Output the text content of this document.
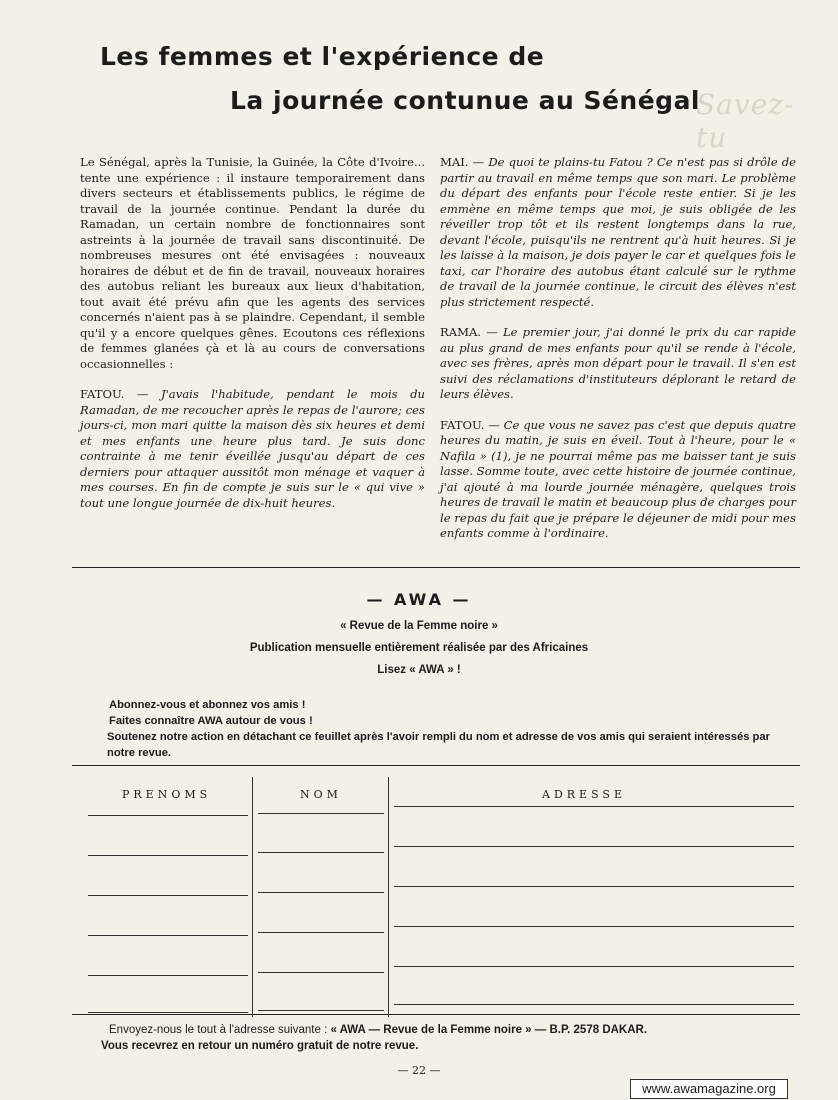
Savez-tu
Les femmes et l'expérience de
La journée contunue au Sénégal

Le Sénégal, après la Tunisie, la Guinée, la Côte d'Ivoire... tente une expérience : il instaure temporairement dans divers secteurs et établissements publics, le régime de travail de la journée continue. Pendant la durée du Ramadan, un certain nombre de fonctionnaires sont astreints à la journée de travail sans discontinuité. De nombreuses mesures ont été envisagées : nouveaux horaires de début et de fin de travail, nouveaux horaires des autobus reliant les bureaux aux lieux d'habitation, tout avait été prévu afin que les agents des services concernés n'aient pas à se plaindre. Cependant, il semble qu'il y a encore quelques gênes. Ecoutons ces réflexions de femmes glanées çà et là au cours de conversations occasionnelles :

FATOU. — J'avais l'habitude, pendant le mois du Ramadan, de me recoucher après le repas de l'aurore; ces jours-ci, mon mari quitte la maison dès six heures et demi et mes enfants une heure plus tard. Je suis donc contrainte à me tenir éveillée jusqu'au départ de ces derniers pour attaquer aussitôt mon ménage et vaquer à mes courses. En fin de compte je suis sur le « qui vive » tout une longue journée de dix-huit heures.

MAI. — De quoi te plains-tu Fatou ? Ce n'est pas si drôle de partir au travail en même temps que son mari. Le problème du départ des enfants pour l'école reste entier. Si je les emmène en même temps que moi, je suis obligée de les réveiller trop tôt et ils restent longtemps dans la rue, devant l'école, puisqu'ils ne rentrent qu'à huit heures. Si je les laisse à la maison, je dois payer le car et quelques fois le taxi, car l'horaire des autobus étant calculé sur le rythme de travail de la journée continue, le circuit des élèves n'est plus strictement respecté.

RAMA. — Le premier jour, j'ai donné le prix du car rapide au plus grand de mes enfants pour qu'il se rende à l'école, avec ses frères, après mon départ pour le travail. Il s'en est suivi des réclamations d'instituteurs déplorant le retard de leurs élèves.

FATOU. — Ce que vous ne savez pas c'est que depuis quatre heures du matin, je suis en éveil. Tout à l'heure, pour le « Nafila » (1), je ne pourrai même pas me baisser tant je suis lasse. Somme toute, avec cette histoire de journée continue, j'ai ajouté à ma lourde journée ménagère, quelques trois heures de travail le matin et beaucoup plus de charges pour le repas du fait que je prépare le déjeuner de midi pour mes enfants comme à l'ordinaire.

— AWA —
« Revue de la Femme noire »
Publication mensuelle entièrement réalisée par des Africaines
Lisez « AWA » !
Abonnez-vous et abonnez vos amis !
Faites connaître AWA autour de vous !
Soutenez notre action en détachant ce feuillet après l'avoir rempli du nom et adresse de vos amis qui seraient intéressés par notre revue.
PRENOMS	NOM	ADRESSE
Envoyez-nous le tout à l'adresse suivante : « AWA — Revue de la Femme noire » — B.P. 2578 DAKAR.
Vous recevrez en retour un numéro gratuit de notre revue.
— 22 —
www.awamagazine.org
